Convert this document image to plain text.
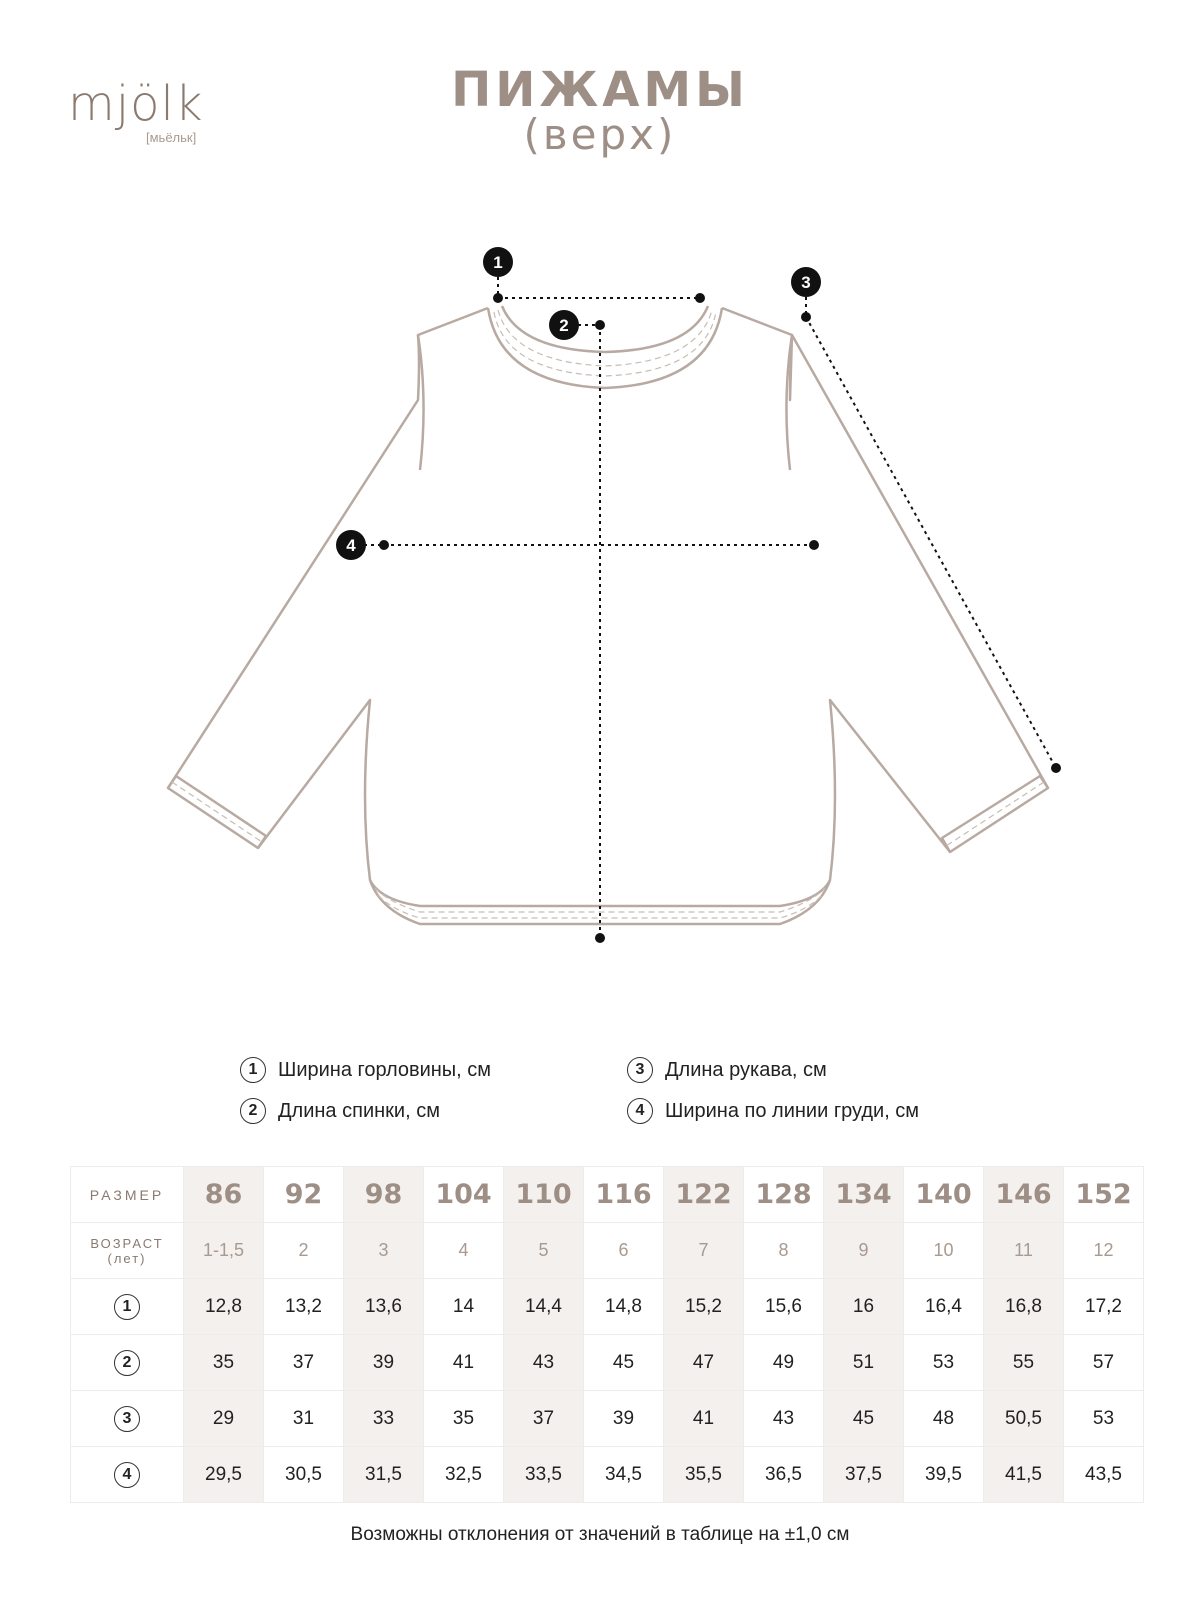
mjölk
[мьёльк]
ПИЖАМЫ
(верх)
1
2
3
4
1	Ширина горловины, см	3	Длина рукава, см
2	Длина спинки, см	4	Ширина по линии груди, см
РАЗМЕР	86	92	98	104	110	116	122	128	134	140	146	152

ВОЗРАСТ
(лет)	1-1,5	2	3	4	5	6	7	8	9	10	11	12
1	12,8	13,2	13,6	14	14,4	14,8	15,2	15,6	16	16,4	16,8	17,2
2	35	37	39	41	43	45	47	49	51	53	55	57
3	29	31	33	35	37	39	41	43	45	48	50,5	53
4	29,5	30,5	31,5	32,5	33,5	34,5	35,5	36,5	37,5	39,5	41,5	43,5
Возможны отклонения от значений в таблице на ±1,0 см
